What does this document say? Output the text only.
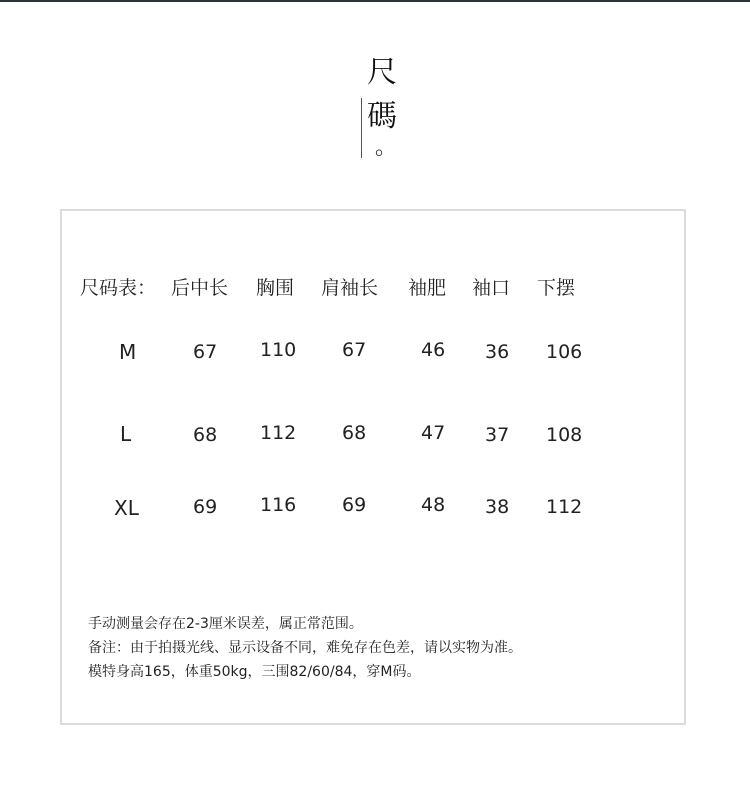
尺
碼
。
尺码表： 后中长 胸围 肩袖长 袖肥 袖口 下摆
M	67 110 67	46 36 106
L	68 112 68	47 37 108
XL	69 116 69	48 38 112
手动测量会存在2-3厘米误差，属正常范围。
备注：由于拍摄光线、显示设备不同，难免存在色差，请以实物为准。
模特身高165，体重50kg，三围82/60/84，穿M码。
